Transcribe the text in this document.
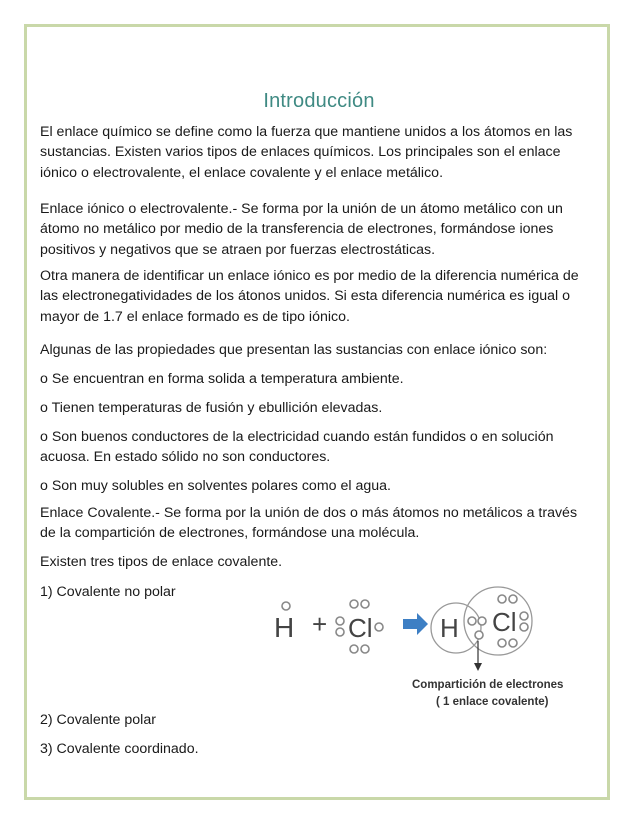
Introducción

El enlace químico se define como la fuerza que mantiene unidos a los átomos en las
sustancias. Existen varios tipos de enlaces químicos. Los principales son el enlace
iónico o electrovalente, el enlace covalente y el enlace metálico.

Enlace iónico o electrovalente.- Se forma por la unión de un átomo metálico con un
átomo no metálico por medio de la transferencia de electrones, formándose iones
positivos y negativos que se atraen por fuerzas electrostáticas.

Otra manera de identificar un enlace iónico es por medio de la diferencia numérica de
las electronegatividades de los átonos unidos. Si esta diferencia numérica es igual o
mayor de 1.7 el enlace formado es de tipo iónico.

Algunas de las propiedades que presentan las sustancias con enlace iónico son:

o Se encuentran en forma solida a temperatura ambiente.

o Tienen temperaturas de fusión y ebullición elevadas.

o Son buenos conductores de la electricidad cuando están fundidos o en solución
acuosa. En estado sólido no son conductores.

o Son muy solubles en solventes polares como el agua.

Enlace Covalente.- Se forma por la unión de dos o más átomos no metálicos a través
de la compartición de electrones, formándose una molécula.

Existen tres tipos de enlace covalente.

1) Covalente no polar

2) Covalente polar

3) Covalente coordinado.

H + Cl	H Cl
Compartición de electrones
( 1 enlace covalente)
